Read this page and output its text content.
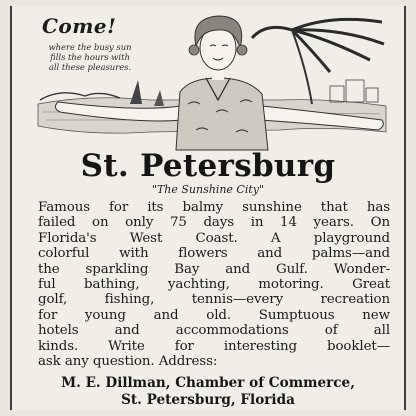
Come!
where the busy sun
fills the hours with
all these pleasures.
St. Petersburg
"The Sunshine City"
Famous for its balmy sunshine that has
failed on only 75 days in 14 years. On
Florida's West Coast. A playground
colorful with flowers and palms—and
the sparkling Bay and Gulf. Wonder-
ful bathing, yachting, motoring. Great
golf, fishing, tennis—every recreation
for young and old. Sumptuous new
hotels and accommodations of all
kinds. Write for interesting booklet—
ask any question. Address:
M. E. Dillman, Chamber of Commerce,
St. Petersburg, Florida
